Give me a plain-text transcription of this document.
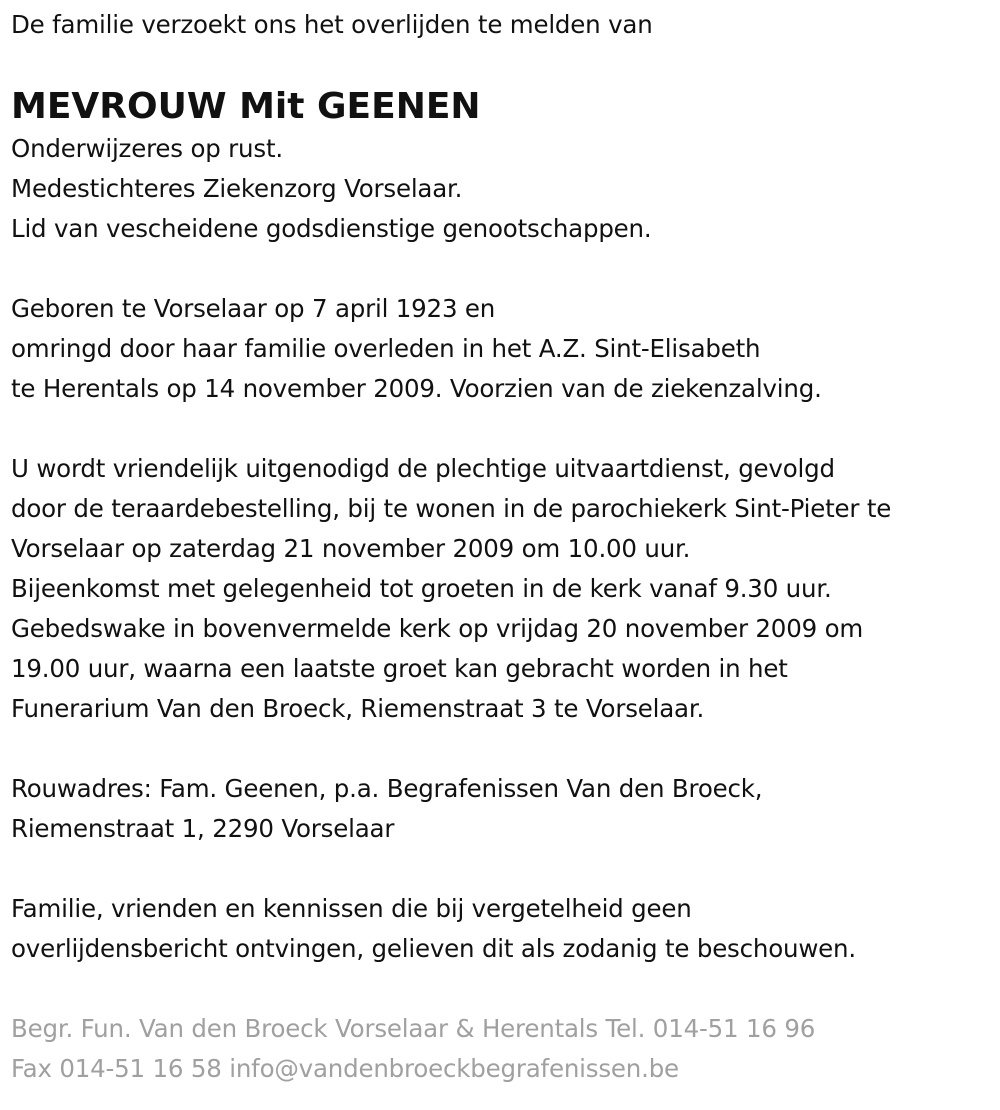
De familie verzoekt ons het overlijden te melden van
MEVROUW Mit GEENEN
Onderwijzeres op rust.
Medestichteres Ziekenzorg Vorselaar.
Lid van vescheidene godsdienstige genootschappen.
Geboren te Vorselaar op 7 april 1923 en
omringd door haar familie overleden in het A.Z. Sint-Elisabeth
te Herentals op 14 november 2009. Voorzien van de ziekenzalving.
U wordt vriendelijk uitgenodigd de plechtige uitvaartdienst, gevolgd
door de teraardebestelling, bij te wonen in de parochiekerk Sint-Pieter te
Vorselaar op zaterdag 21 november 2009 om 10.00 uur.
Bijeenkomst met gelegenheid tot groeten in de kerk vanaf 9.30 uur.
Gebedswake in bovenvermelde kerk op vrijdag 20 november 2009 om
19.00 uur, waarna een laatste groet kan gebracht worden in het
Funerarium Van den Broeck, Riemenstraat 3 te Vorselaar.
Rouwadres: Fam. Geenen, p.a. Begrafenissen Van den Broeck,
Riemenstraat 1, 2290 Vorselaar
Familie, vrienden en kennissen die bij vergetelheid geen
overlijdensbericht ontvingen, gelieven dit als zodanig te beschouwen.
Begr. Fun. Van den Broeck Vorselaar & Herentals Tel. 014-51 16 96
Fax 014-51 16 58 info@vandenbroeckbegrafenissen.be
